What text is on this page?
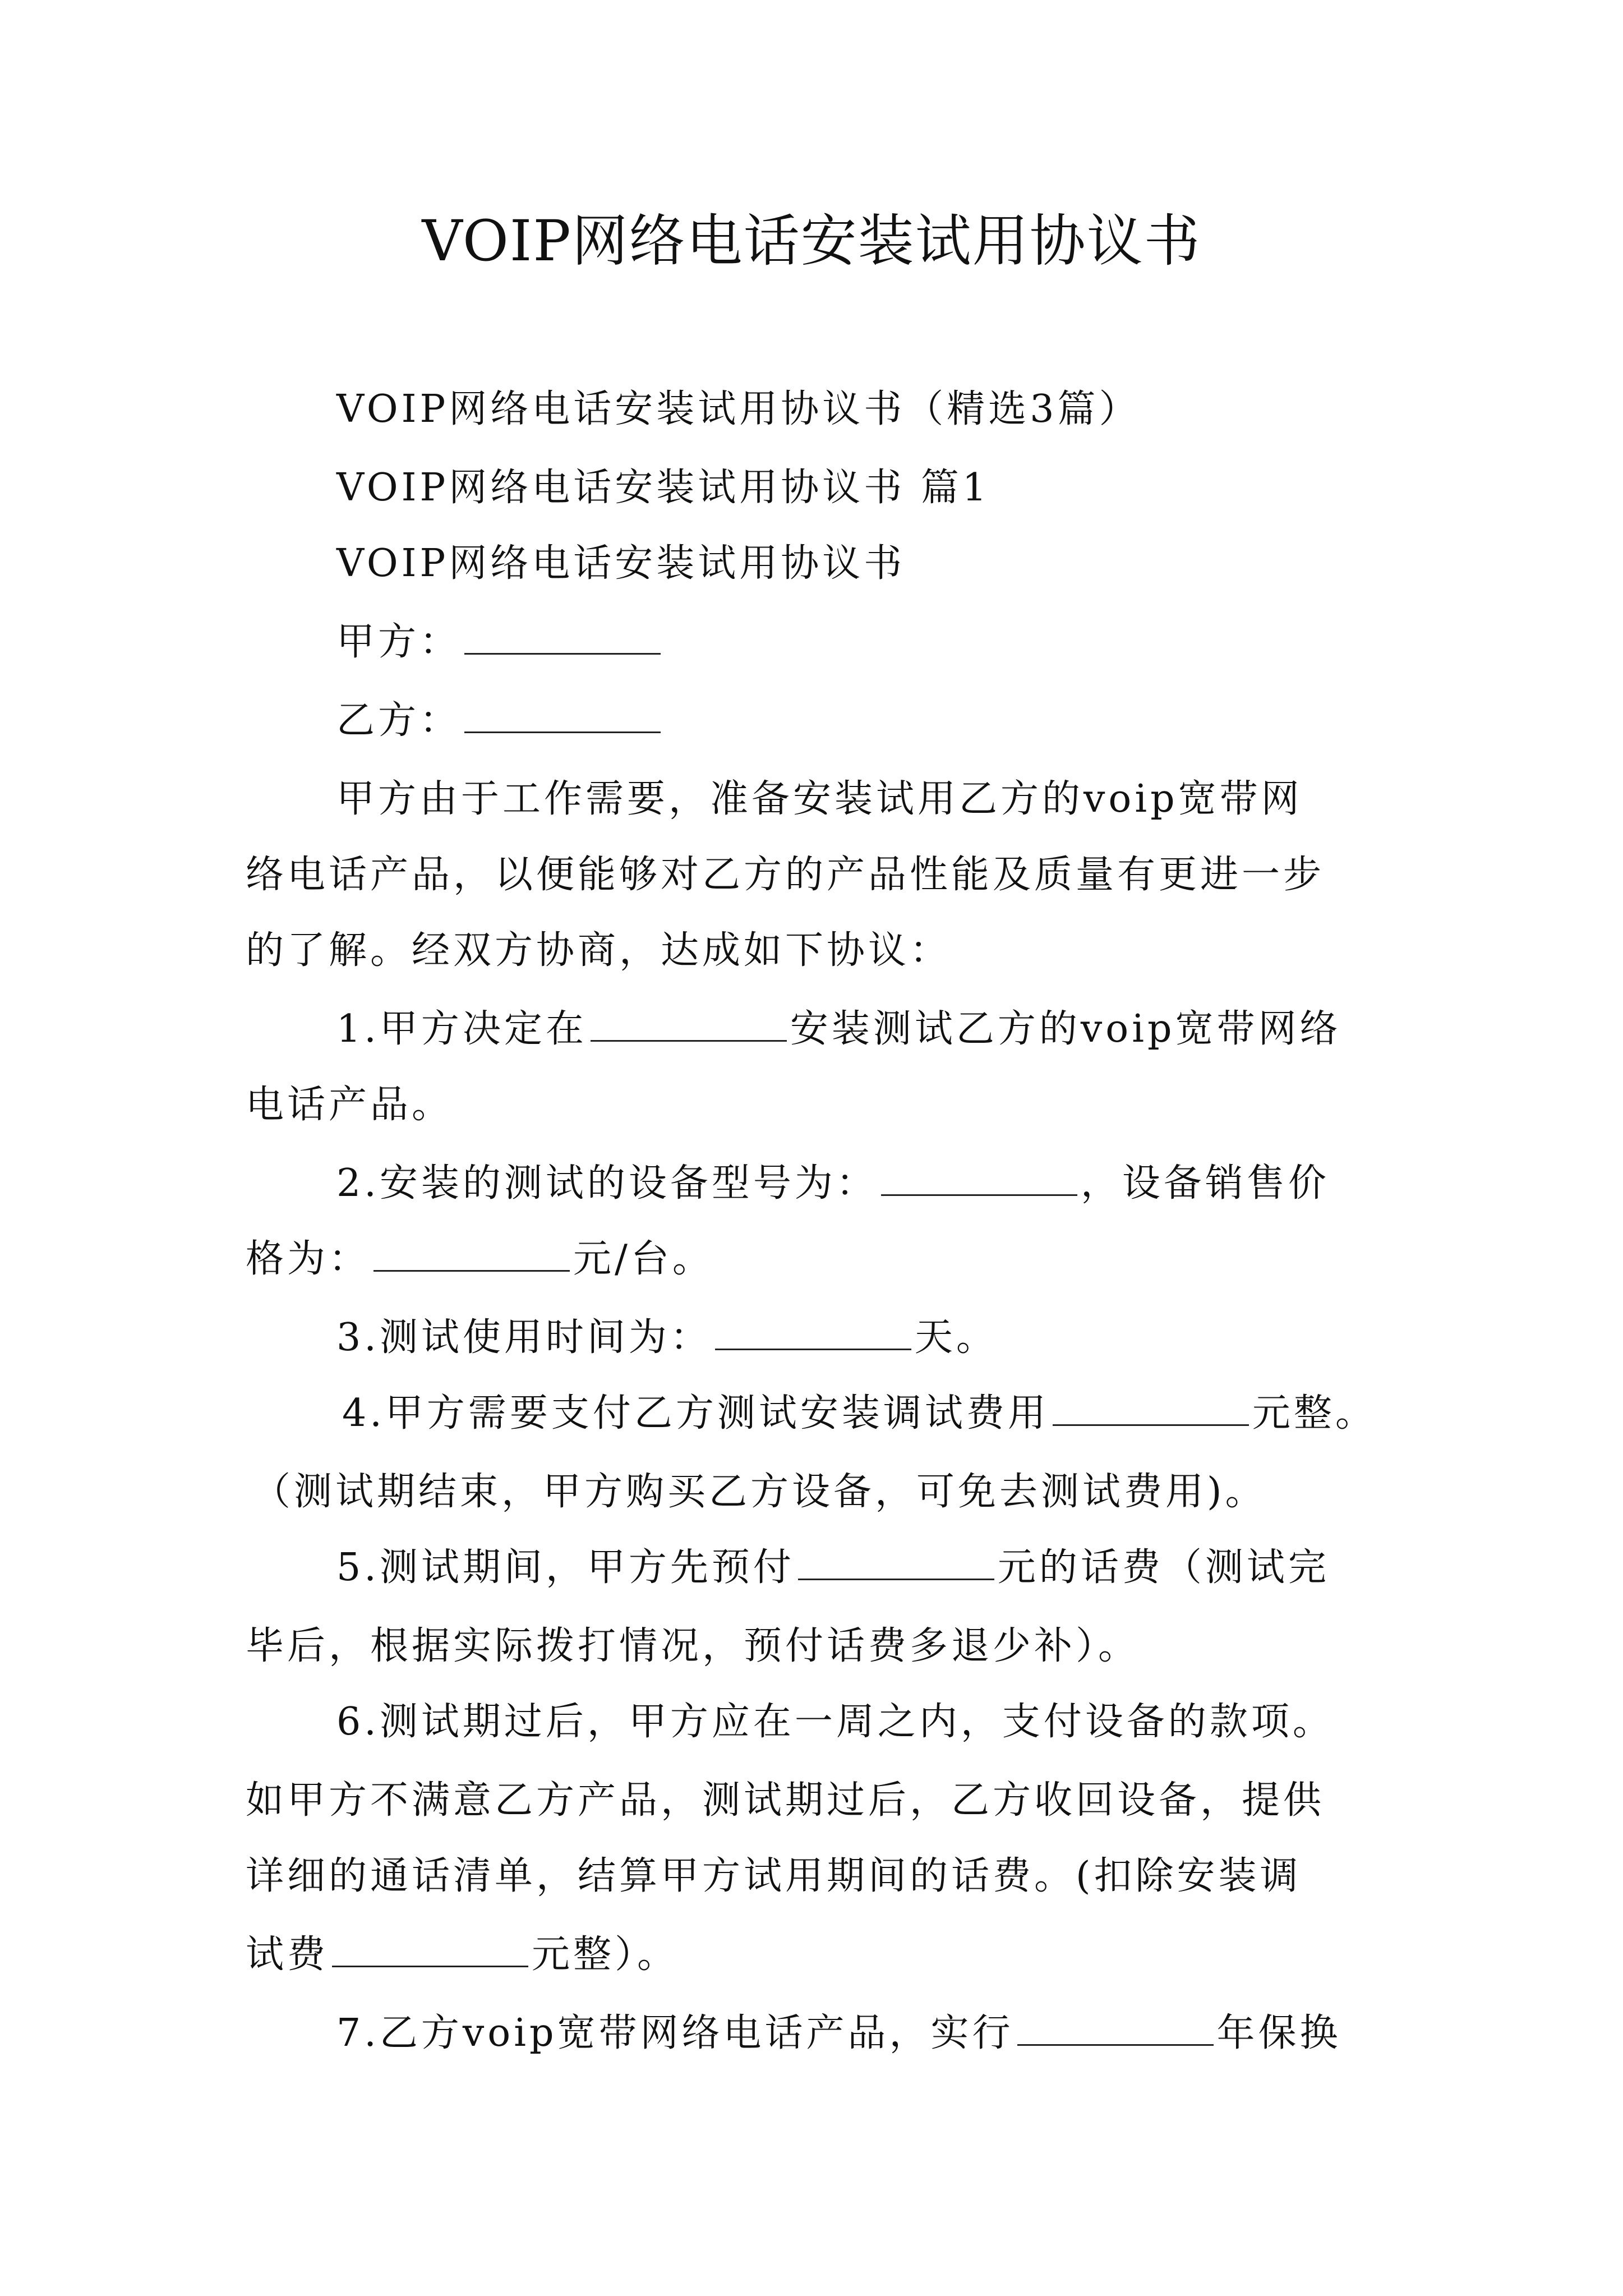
VOIP网络电话安装试用协议书
VOIP网络电话安装试用协议书（精选3篇）
VOIP网络电话安装试用协议书 篇1
VOIP网络电话安装试用协议书
甲方：
乙方：
甲方由于工作需要，准备安装试用乙方的voip宽带网
络电话产品，以便能够对乙方的产品性能及质量有更进一步
的了解。经双方协商，达成如下协议：
1.甲方决定在	安装测试乙方的voip宽带网络
电话产品。
2.安装的测试的设备型号为：	，设备销售价
格为：	元/台。
3.测试使用时间为：	天。
4.甲方需要支付乙方测试安装调试费用	元整。
（测试期结束，甲方购买乙方设备，可免去测试费用)。
5.测试期间，甲方先预付	元的话费（测试完
毕后，根据实际拨打情况，预付话费多退少补）。
6.测试期过后，甲方应在一周之内，支付设备的款项。
如甲方不满意乙方产品，测试期过后，乙方收回设备，提供
详细的通话清单，结算甲方试用期间的话费。(扣除安装调
试费	元整）。
7.乙方voip宽带网络电话产品，实行	年保换
